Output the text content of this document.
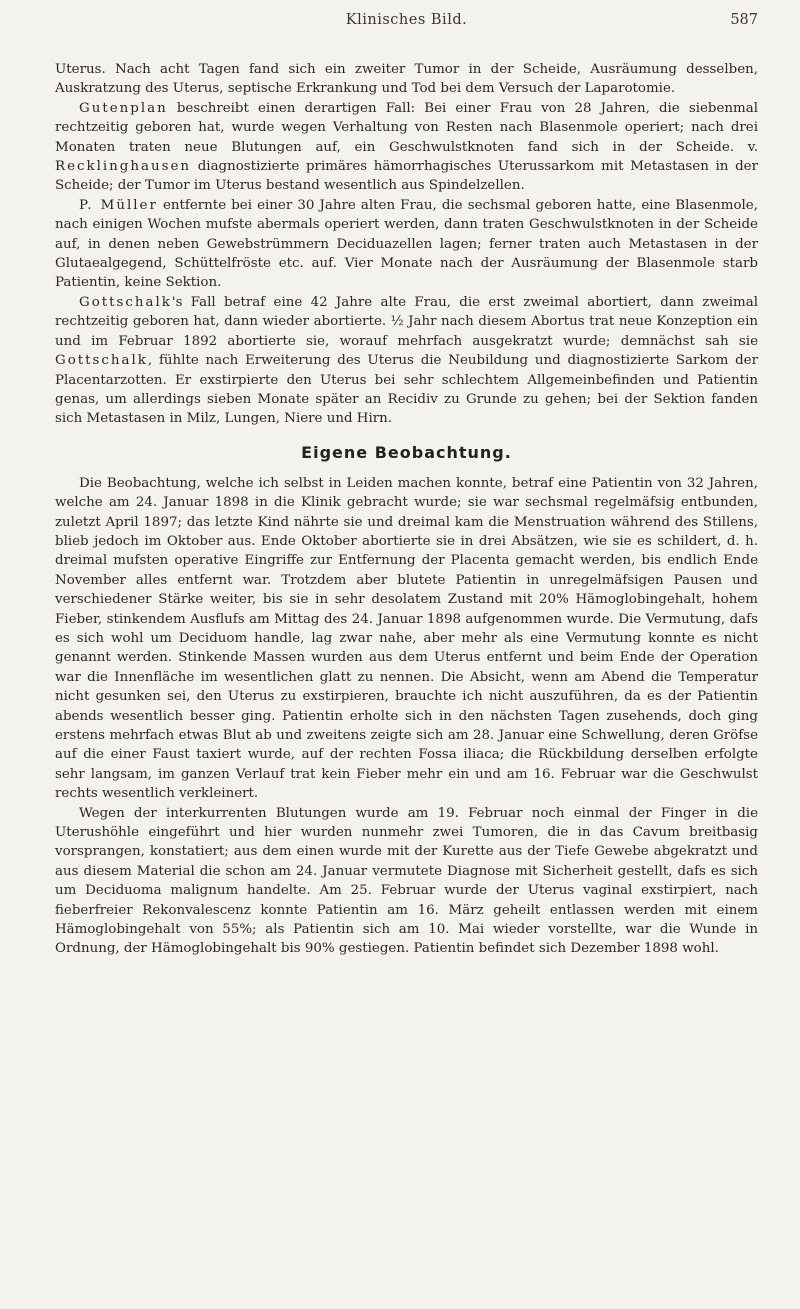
Klinisches Bild.	587

Uterus. Nach acht Tagen fand sich ein zweiter Tumor in der Scheide, Ausräumung desselben, Auskratzung des Uterus, septische Erkrankung und Tod bei dem Versuch der Laparotomie.

Gutenplan beschreibt einen derartigen Fall: Bei einer Frau von 28 Jahren, die siebenmal rechtzeitig geboren hat, wurde wegen Verhaltung von Resten nach Blasenmole operiert; nach drei Monaten traten neue Blutungen auf, ein Geschwulstknoten fand sich in der Scheide. v. Recklinghausen diagnostizierte primäres hämorrhagisches Uterussarkom mit Metastasen in der Scheide; der Tumor im Uterus bestand wesentlich aus Spindelzellen.

P. Müller entfernte bei einer 30 Jahre alten Frau, die sechsmal geboren hatte, eine Blasenmole, nach einigen Wochen mufste abermals operiert werden, dann traten Geschwulstknoten in der Scheide auf, in denen neben Gewebstrümmern Deciduazellen lagen; ferner traten auch Metastasen in der Glutaealgegend, Schüttelfröste etc. auf. Vier Monate nach der Ausräumung der Blasenmole starb Patientin, keine Sektion.

Gottschalk's Fall betraf eine 42 Jahre alte Frau, die erst zweimal abortiert, dann zweimal rechtzeitig geboren hat, dann wieder abortierte. ½ Jahr nach diesem Abortus trat neue Konzeption ein und im Februar 1892 abortierte sie, worauf mehrfach ausgekratzt wurde; demnächst sah sie Gottschalk, fühlte nach Erweiterung des Uterus die Neubildung und diagnostizierte Sarkom der Placentarzotten. Er exstirpierte den Uterus bei sehr schlechtem Allgemeinbefinden und Patientin genas, um allerdings sieben Monate später an Recidiv zu Grunde zu gehen; bei der Sektion fanden sich Metastasen in Milz, Lungen, Niere und Hirn.

Eigene Beobachtung.

Die Beobachtung, welche ich selbst in Leiden machen konnte, betraf eine Patientin von 32 Jahren, welche am 24. Januar 1898 in die Klinik gebracht wurde; sie war sechsmal regelmäfsig entbunden, zuletzt April 1897; das letzte Kind nährte sie und dreimal kam die Menstruation während des Stillens, blieb jedoch im Oktober aus. Ende Oktober abortierte sie in drei Absätzen, wie sie es schildert, d. h. dreimal mufsten operative Eingriffe zur Entfernung der Placenta gemacht werden, bis endlich Ende November alles entfernt war. Trotzdem aber blutete Patientin in unregelmäfsigen Pausen und verschiedener Stärke weiter, bis sie in sehr desolatem Zustand mit 20% Hämoglobingehalt, hohem Fieber, stinkendem Ausflufs am Mittag des 24. Januar 1898 aufgenommen wurde. Die Vermutung, dafs es sich wohl um Deciduom handle, lag zwar nahe, aber mehr als eine Vermutung konnte es nicht genannt werden. Stinkende Massen wurden aus dem Uterus entfernt und beim Ende der Operation war die Innenfläche im wesentlichen glatt zu nennen. Die Absicht, wenn am Abend die Temperatur nicht gesunken sei, den Uterus zu exstirpieren, brauchte ich nicht auszuführen, da es der Patientin abends wesentlich besser ging. Patientin erholte sich in den nächsten Tagen zusehends, doch ging erstens mehrfach etwas Blut ab und zweitens zeigte sich am 28. Januar eine Schwellung, deren Gröfse auf die einer Faust taxiert wurde, auf der rechten Fossa iliaca; die Rückbildung derselben erfolgte sehr langsam, im ganzen Verlauf trat kein Fieber mehr ein und am 16. Februar war die Geschwulst rechts wesentlich verkleinert.

Wegen der interkurrenten Blutungen wurde am 19. Februar noch einmal der Finger in die Uterushöhle eingeführt und hier wurden nunmehr zwei Tumoren, die in das Cavum breitbasig vorsprangen, konstatiert; aus dem einen wurde mit der Kurette aus der Tiefe Gewebe abgekratzt und aus diesem Material die schon am 24. Januar vermutete Diagnose mit Sicherheit gestellt, dafs es sich um Deciduoma malignum handelte. Am 25. Februar wurde der Uterus vaginal exstirpiert, nach fieberfreier Rekonvalescenz konnte Patientin am 16. März geheilt entlassen werden mit einem Hämoglobingehalt von 55%; als Patientin sich am 10. Mai wieder vorstellte, war die Wunde in Ordnung, der Hämoglobingehalt bis 90% gestiegen. Patientin befindet sich Dezember 1898 wohl.
